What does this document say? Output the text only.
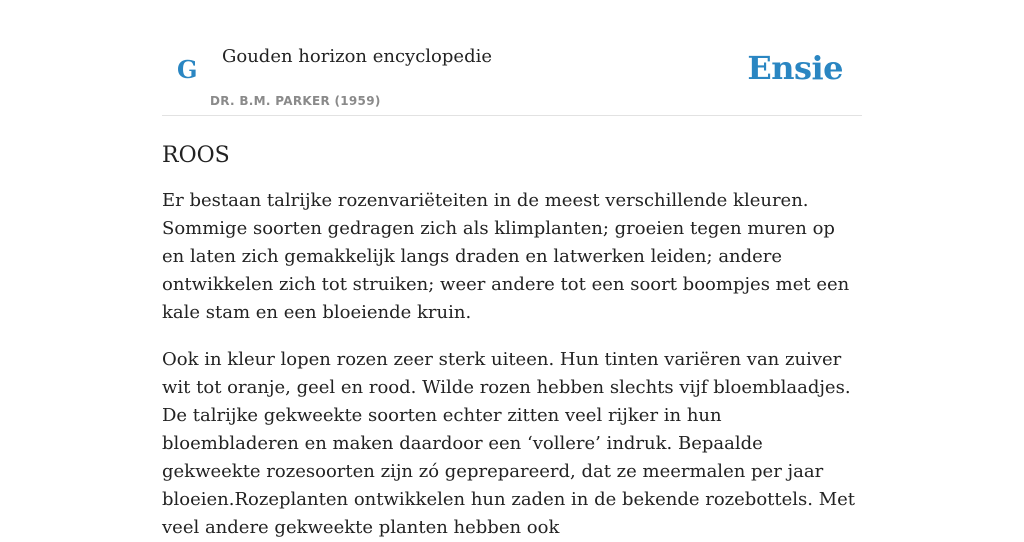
G Gouden horizon encyclopedie
DR. B.M. PARKER (1959)
Ensie
ROOS

Er bestaan talrijke rozenvariëteiten in de meest verschillende kleuren. Sommige soorten gedragen zich als klimplanten; groeien tegen muren op en laten zich gemakkelijk langs draden en latwerken leiden; andere ontwikkelen zich tot struiken; weer andere tot een soort boompjes met een kale stam en een bloeiende kruin.

Ook in kleur lopen rozen zeer sterk uiteen. Hun tinten variëren van zuiver wit tot oranje, geel en rood. Wilde rozen hebben slechts vijf bloemblaadjes. De talrijke gekweekte soorten echter zitten veel rijker in hun bloembladeren en maken daardoor een ‘vollere’ indruk. Bepaalde gekweekte rozesoorten zijn zó geprepareerd, dat ze meermalen per jaar bloeien.Rozeplanten ontwikkelen hun zaden in de bekende rozebottels. Met veel andere gekweekte planten hebben ook
